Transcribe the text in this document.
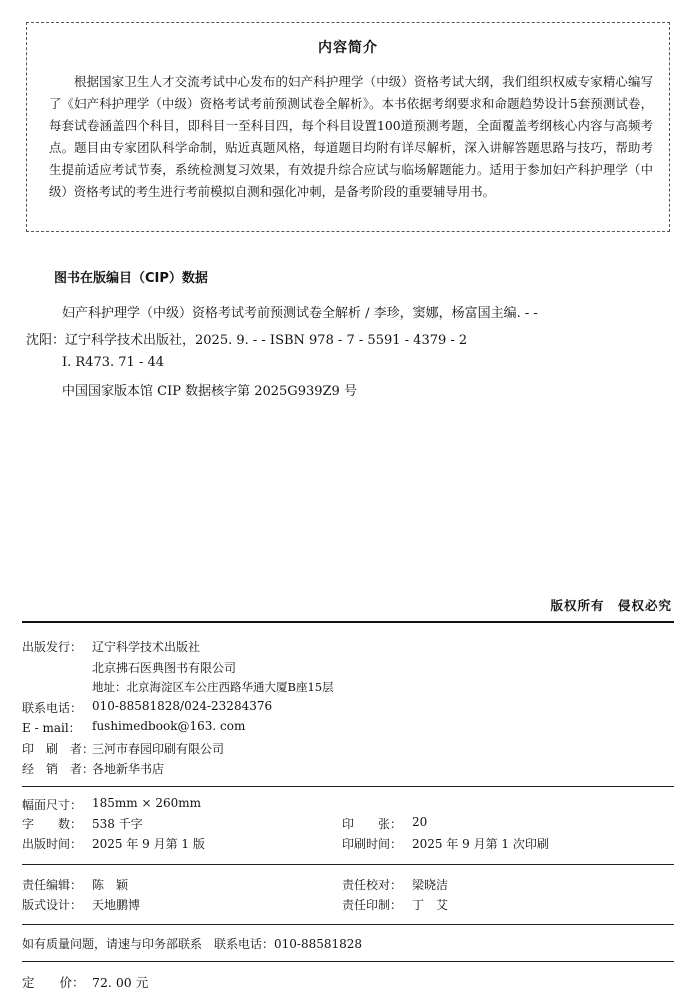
内容简介
根据国家卫生人才交流考试中心发布的妇产科护理学（中级）资格考试大纲，我们组织权威专家精心编写了《妇产科护理学（中级）资格考试考前预测试卷全解析》。本书依据考纲要求和命题趋势设计5套预测试卷，每套试卷涵盖四个科目，即科目一至科目四，每个科目设置100道预测考题，全面覆盖考纲核心内容与高频考点。题目由专家团队科学命制，贴近真题风格，每道题目均附有详尽解析，深入讲解答题思路与技巧，帮助考生提前适应考试节奏，系统检测复习效果，有效提升综合应试与临场解题能力。适用于参加妇产科护理学（中级）资格考试的考生进行考前模拟自测和强化冲刺，是备考阶段的重要辅导用书。
图书在版编目（CIP）数据
妇产科护理学（中级）资格考试考前预测试卷全解析 / 李珍，窦娜，杨富国主编. - -
沈阳：辽宁科学技术出版社，2025. 9. - - ISBN 978 - 7 - 5591 - 4379 - 2
Ⅰ. R473. 71 - 44
中国国家版本馆 CIP 数据核字第 2025G939Z9 号
版权所有　侵权必究
出版发行： 辽宁科学技术出版社
北京拂石医典图书有限公司
地址：北京海淀区车公庄西路华通大厦B座15层
联系电话： 010-88581828/024-23284376
E - mail： fushimedbook@163. com
印　刷　者：
三河市春园印刷有限公司
经　销　者：
各地新华书店
幅面尺寸： 185mm × 260mm
字　　数： 538 千字	印　　张： 20
出版时间： 2025 年 9 月第 1 版	印刷时间： 2025 年 9 月第 1 次印刷
责任编辑： 陈　颖	责任校对： 梁晓洁
版式设计： 天地鹏博	责任印制： 丁　艾
如有质量问题，请速与印务部联系　联系电话：010-88581828
定　　价： 72. 00 元
